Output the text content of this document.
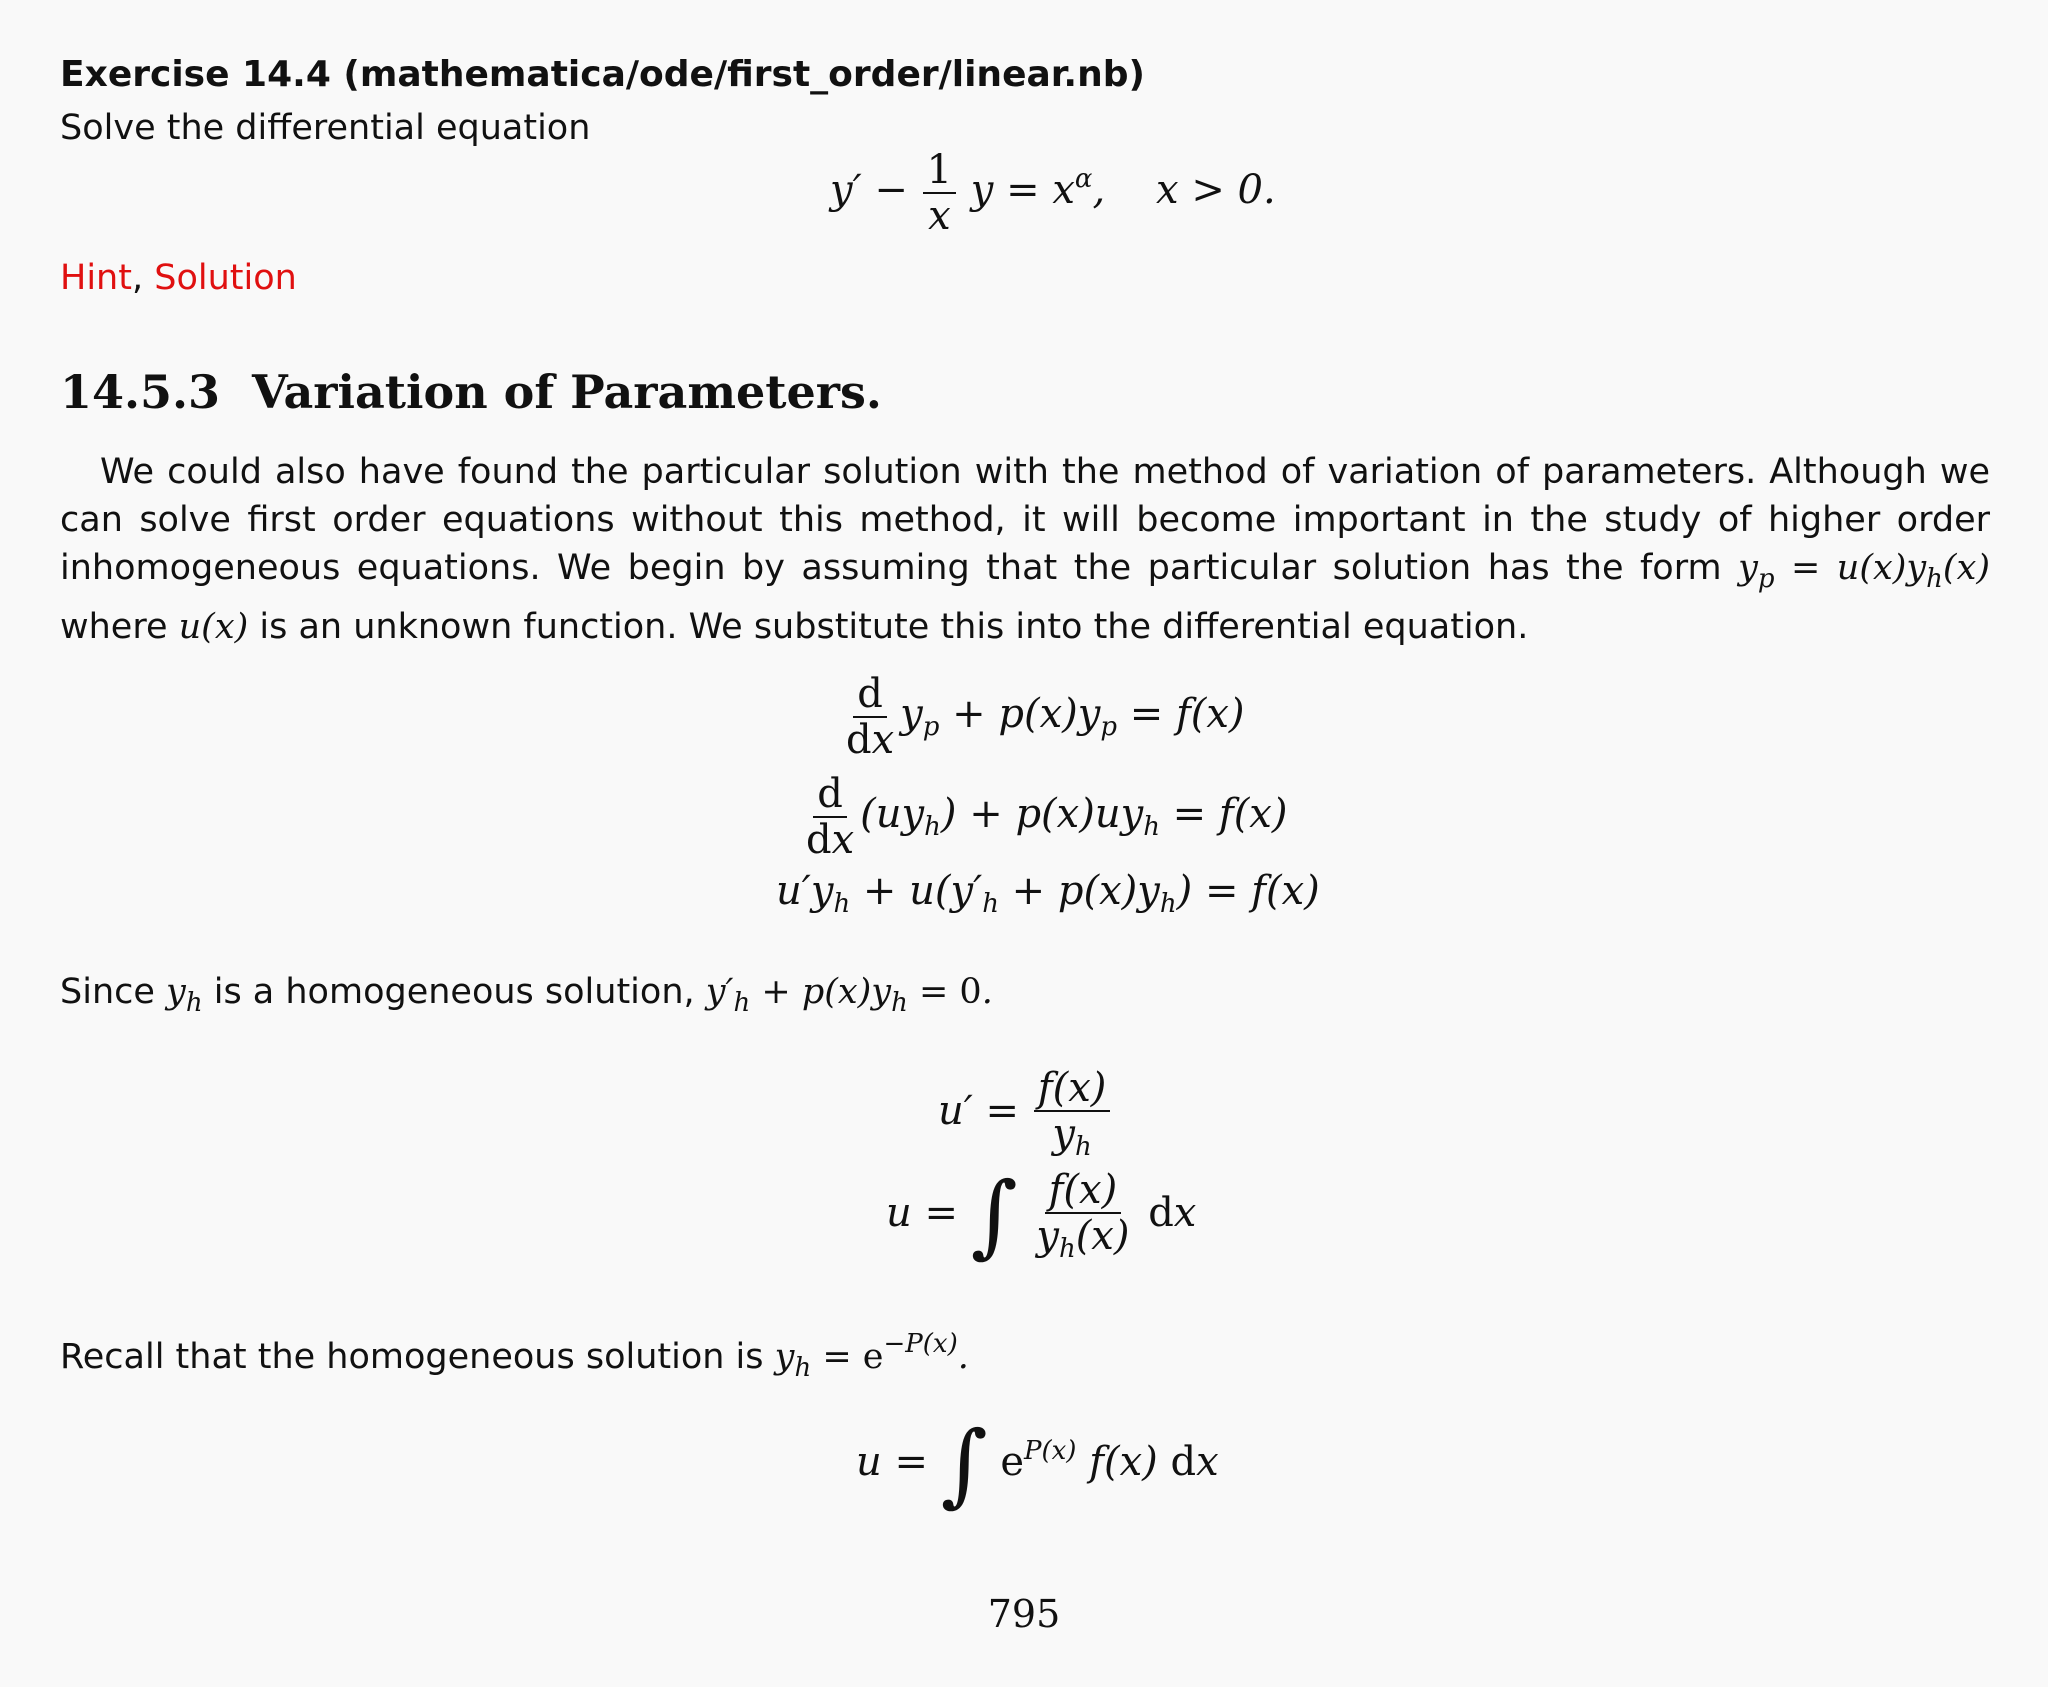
Exercise 14.4 (mathematica/ode/first_order/linear.nb)
Solve the differential equation
$y' - \frac{1}{x}$ $y = x^\alpha$,    x > 0.
Hint, Solution
14.5.3 Variation of Parameters.
We could also have found the particular solution with the method of variation of parameters. Although we can solve first order equations without this method, it will become important in the study of higher order inhomogeneous equations. We begin by assuming that the particular solution has the form $y_p = u(x)y_h(x)$ where u(x) is an unknown function. We substitute this into the differential equation.
$\frac{d}{dx} y_p + p(x)y_p = f(x)$
$\frac{d}{dx} (uy_h) + p(x)uy_h = f(x)$
$u'y_h + u(y'_h + p(x)y_h) = f(x)$
Since $y_h$ is a homogeneous solution, $y'_h + p(x)y_h = 0$.
$u' = \frac{f(x)}{y_h}$
u = ∫ $\frac{f(x)}{y_h(x)}$ dx
Recall that the homogeneous solution is $y_h = e^{-P(x)}$.
u = ∫ $e^{P(x)}$ f(x) dx
795
